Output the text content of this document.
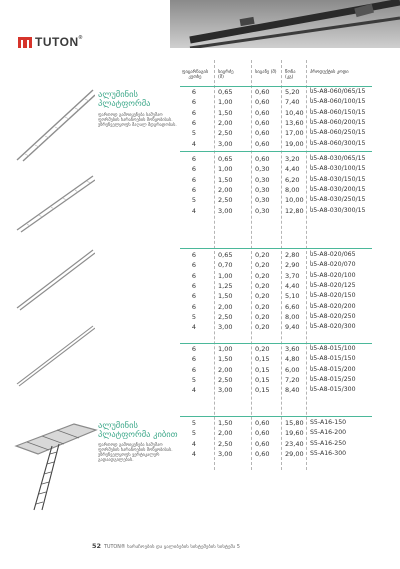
TUTON®
ფიცარნაგის კუთხე
სიგრძე (მ)
სიგანე (მ) წონა (კგ)
პროდუქტის კოდი
6	0,65	0,60 5,20 ს5-A8-060/065/15
6	1,00	0,60 7,40 ს5-A8-060/100/15
6	1,50	0,60 10,40 ს5-A8-060/150/15
6	2,00	0,60 13,60 ს5-A8-060/200/15
5	2,50	0,60 17,00 ს5-A8-060/250/15
4	3,00	0,60 19,00 ს5-A8-060/300/15
6	0,65	0,60 3,20 ს5-A8-030/065/15
6	1,00	0,30 4,40 ს5-A8-030/100/15
6	1,50	0,30 6,20 ს5-A8-030/150/15
6	2,00	0,30 8,00 ს5-A8-030/200/15
5	2,50	0,30 10,00 ს5-A8-030/250/15
4	3,00	0,30 12,80 ს5-A8-030/300/15
6	0,65	0,20 2,80 ს5-A8-020/065
6	0,70	0,20 2,90 ს5-A8-020/070
6	1,00	0,20 3,70 ს5-A8-020/100
6	1,25	0,20 4,40 ს5-A8-020/125
6	1,50	0,20 5,10 ს5-A8-020/150
6	2,00	0,20 6,60 ს5-A8-020/200
5	2,50	0,20 8,00 ს5-A8-020/250
4	3,00	0,20 9,40 ს5-A8-020/300
6	1,00	0,20 3,60 ს5-A8-015/100
6	1,50	0,15 4,80 ს5-A8-015/150
6	2,00	0,15 6,00 ს5-A8-015/200
5	2,50	0,15 7,20 ს5-A8-015/250
4	3,00	0,15 8,40 ს5-A8-015/300
5	1,50	0,60 15,80 S5-A16-150
5	2,00	0,60 19,60 S5-A16-200
4	2,50	0,60 23,40 S5-A16-250
4	3,00	0,60 29,00 S5-A16-300
ალუმინის პლატფორმა
ფართოდ გამოიყენება სამუშაო ფორმების ხარაჩოების მოწყობისას. უზრუნველყოფს მაღალ მდგრადობას.
ალუმინის პლატფორმა კიბით
ფართოდ გამოიყენება სამუშაო ფორმების ხარაჩოების მოწყობისას. უზრუნველყოფს ვერტიკალურ გადაადგილებას.
52 TUTON® ხარაჩოების და ყალიბების სისტემების სისტემა 5
